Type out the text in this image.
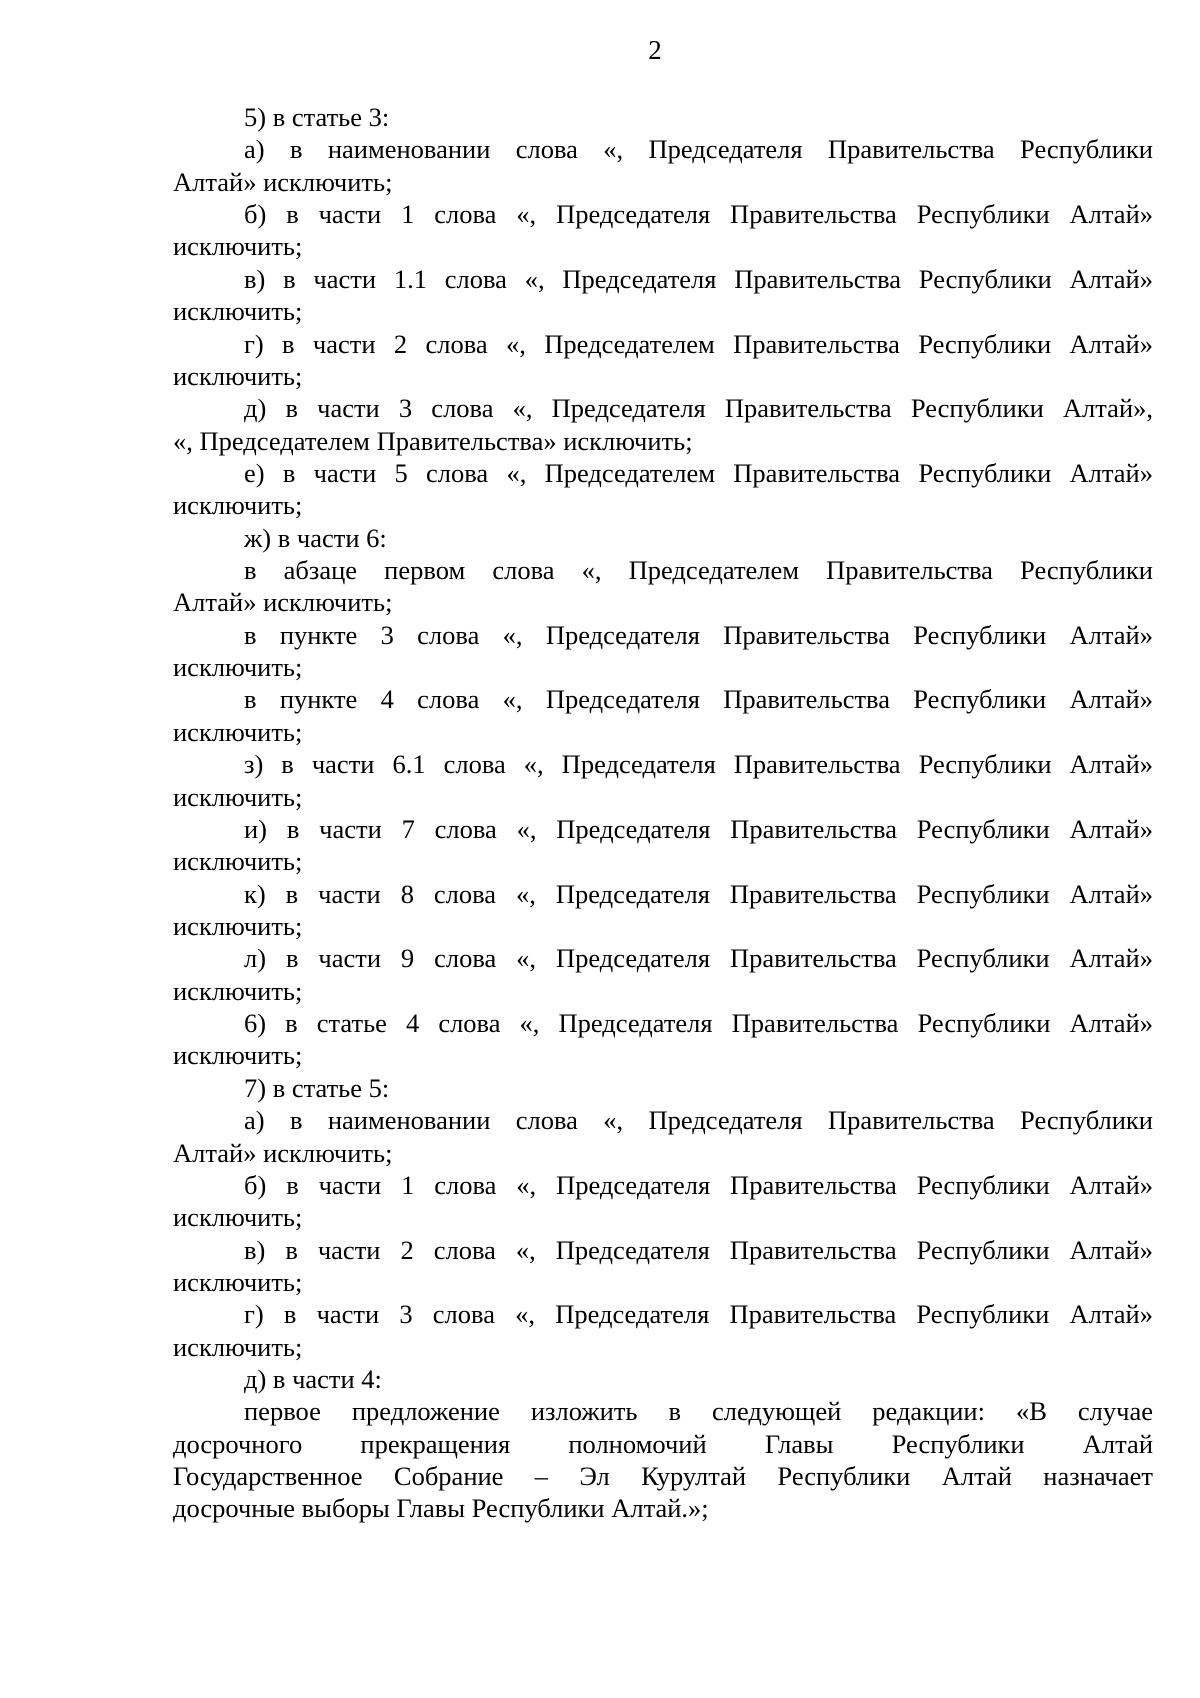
2
5) в статье 3:
а) в наименовании слова «, Председателя Правительства Республики
Алтай» исключить;
б) в части 1 слова «, Председателя Правительства Республики Алтай»
исключить;
в) в части 1.1 слова «, Председателя Правительства Республики Алтай»
исключить;
г) в части 2 слова «, Председателем Правительства Республики Алтай»
исключить;
д) в части 3 слова «, Председателя Правительства Республики Алтай»,
«, Председателем Правительства» исключить;
е) в части 5 слова «, Председателем Правительства Республики Алтай»
исключить;
ж) в части 6:
в абзаце первом слова «, Председателем Правительства Республики
Алтай» исключить;
в пункте 3 слова «, Председателя Правительства Республики Алтай»
исключить;
в пункте 4 слова «, Председателя Правительства Республики Алтай»
исключить;
з) в части 6.1 слова «, Председателя Правительства Республики Алтай»
исключить;
и) в части 7 слова «, Председателя Правительства Республики Алтай»
исключить;
к) в части 8 слова «, Председателя Правительства Республики Алтай»
исключить;
л) в части 9 слова «, Председателя Правительства Республики Алтай»
исключить;
6) в статье 4 слова «, Председателя Правительства Республики Алтай»
исключить;
7) в статье 5:
а) в наименовании слова «, Председателя Правительства Республики
Алтай» исключить;
б) в части 1 слова «, Председателя Правительства Республики Алтай»
исключить;
в) в части 2 слова «, Председателя Правительства Республики Алтай»
исключить;
г) в части 3 слова «, Председателя Правительства Республики Алтай»
исключить;
д) в части 4:
первое предложение изложить в следующей редакции: «В случае
досрочного прекращения полномочий Главы Республики Алтай
Государственное Собрание – Эл Курултай Республики Алтай назначает
досрочные выборы Главы Республики Алтай.»;
